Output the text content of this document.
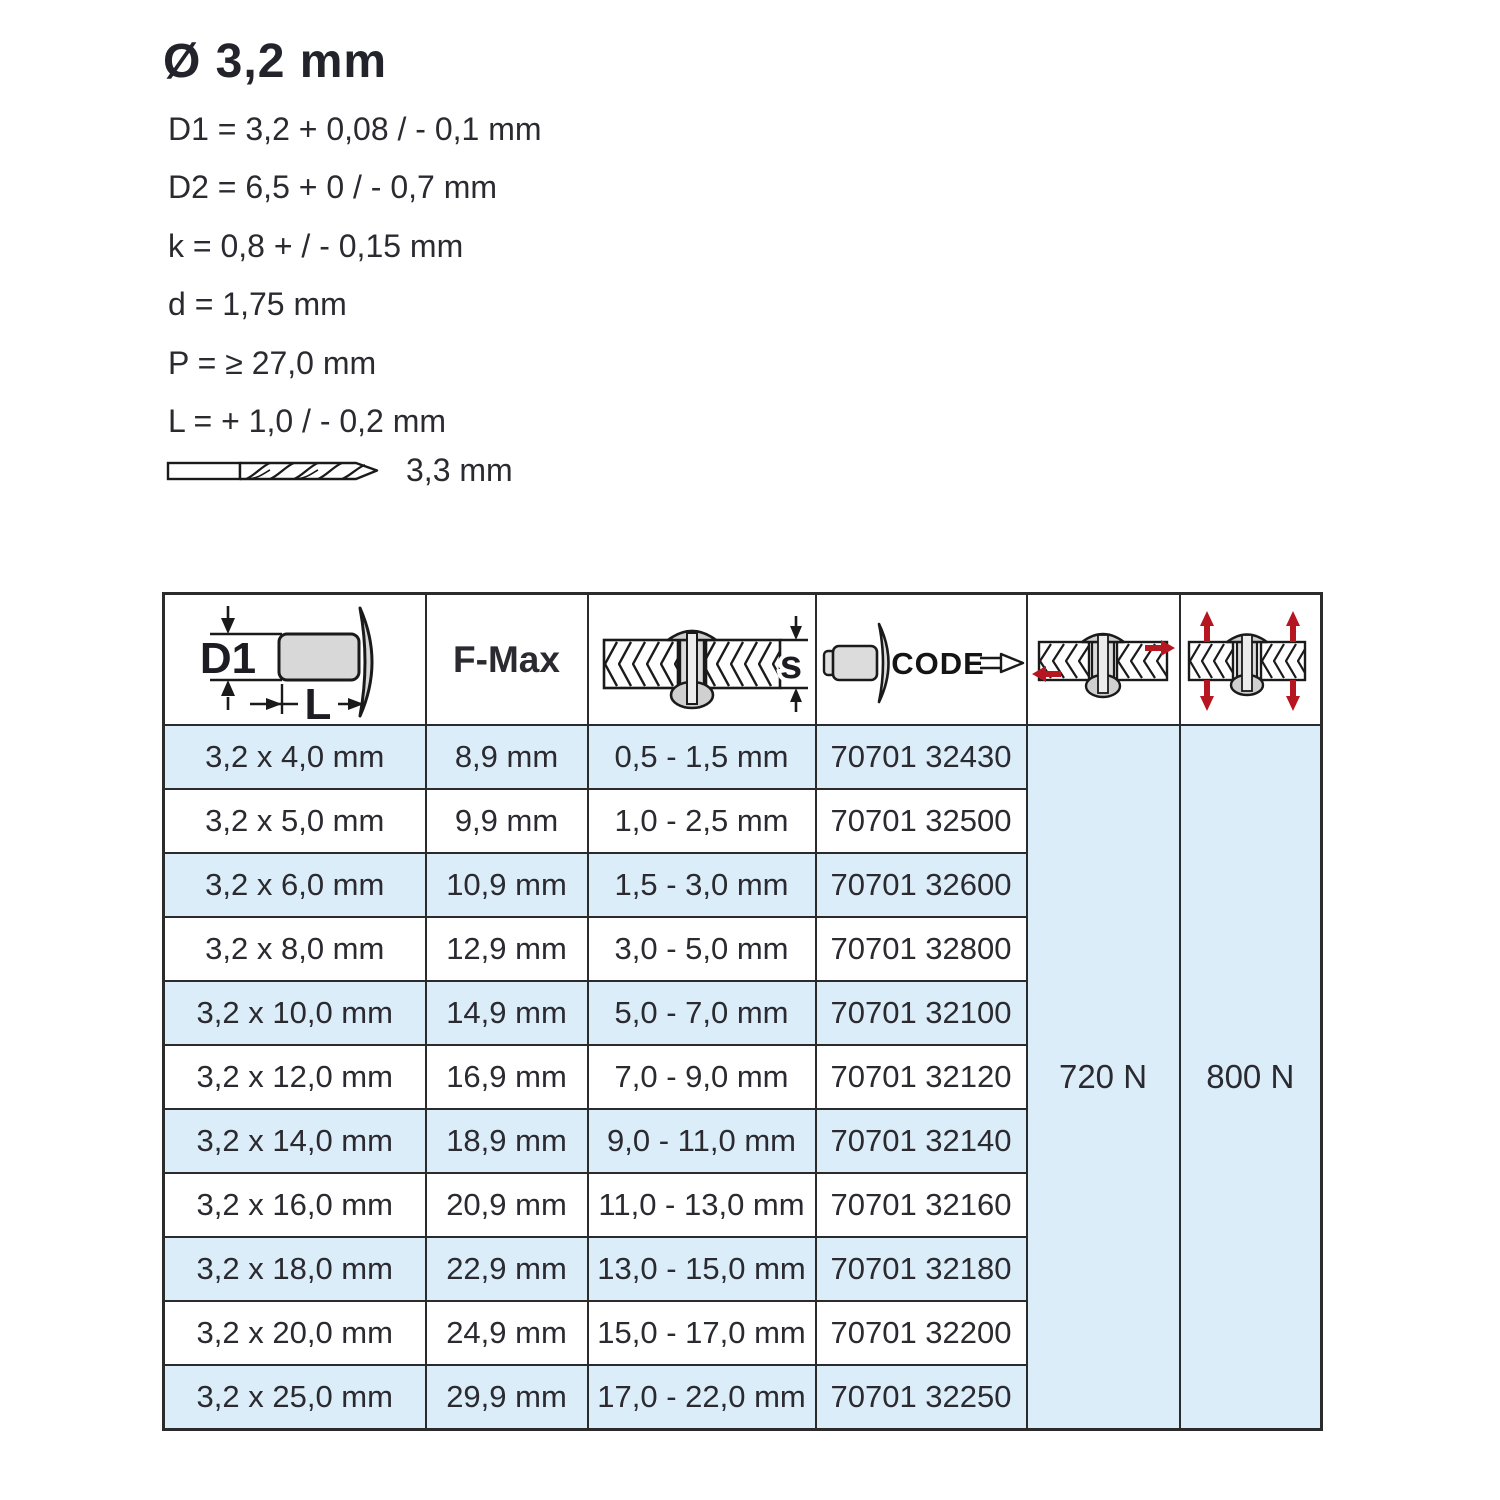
Ø 3,2 mm
D1 = 3,2 + 0,08 / - 0,1 mm
D2 = 6,5 + 0 / - 0,7 mm
k = 0,8 + / - 0,15 mm
d = 1,75 mm
P = ≥ 27,0 mm
L = + 1,0 / - 0,2 mm
3,3 mm
D1
L	F-Max	s	CODE

3,2 x 4,0 mm	8,9 mm	0,5 - 1,5 mm	70701 32430	720 N	800 N
3,2 x 5,0 mm	9,9 mm	1,0 - 2,5 mm	70701 32500		
3,2 x 6,0 mm	10,9 mm	1,5 - 3,0 mm	70701 32600		
3,2 x 8,0 mm	12,9 mm	3,0 - 5,0 mm	70701 32800		
3,2 x 10,0 mm	14,9 mm	5,0 - 7,0 mm	70701 32100		
3,2 x 12,0 mm	16,9 mm	7,0 - 9,0 mm	70701 32120		
3,2 x 14,0 mm	18,9 mm	9,0 - 11,0 mm	70701 32140		
3,2 x 16,0 mm	20,9 mm	11,0 - 13,0 mm	70701 32160		
3,2 x 18,0 mm	22,9 mm	13,0 - 15,0 mm	70701 32180		
3,2 x 20,0 mm	24,9 mm	15,0 - 17,0 mm	70701 32200		
3,2 x 25,0 mm	29,9 mm	17,0 - 22,0 mm	70701 32250		
